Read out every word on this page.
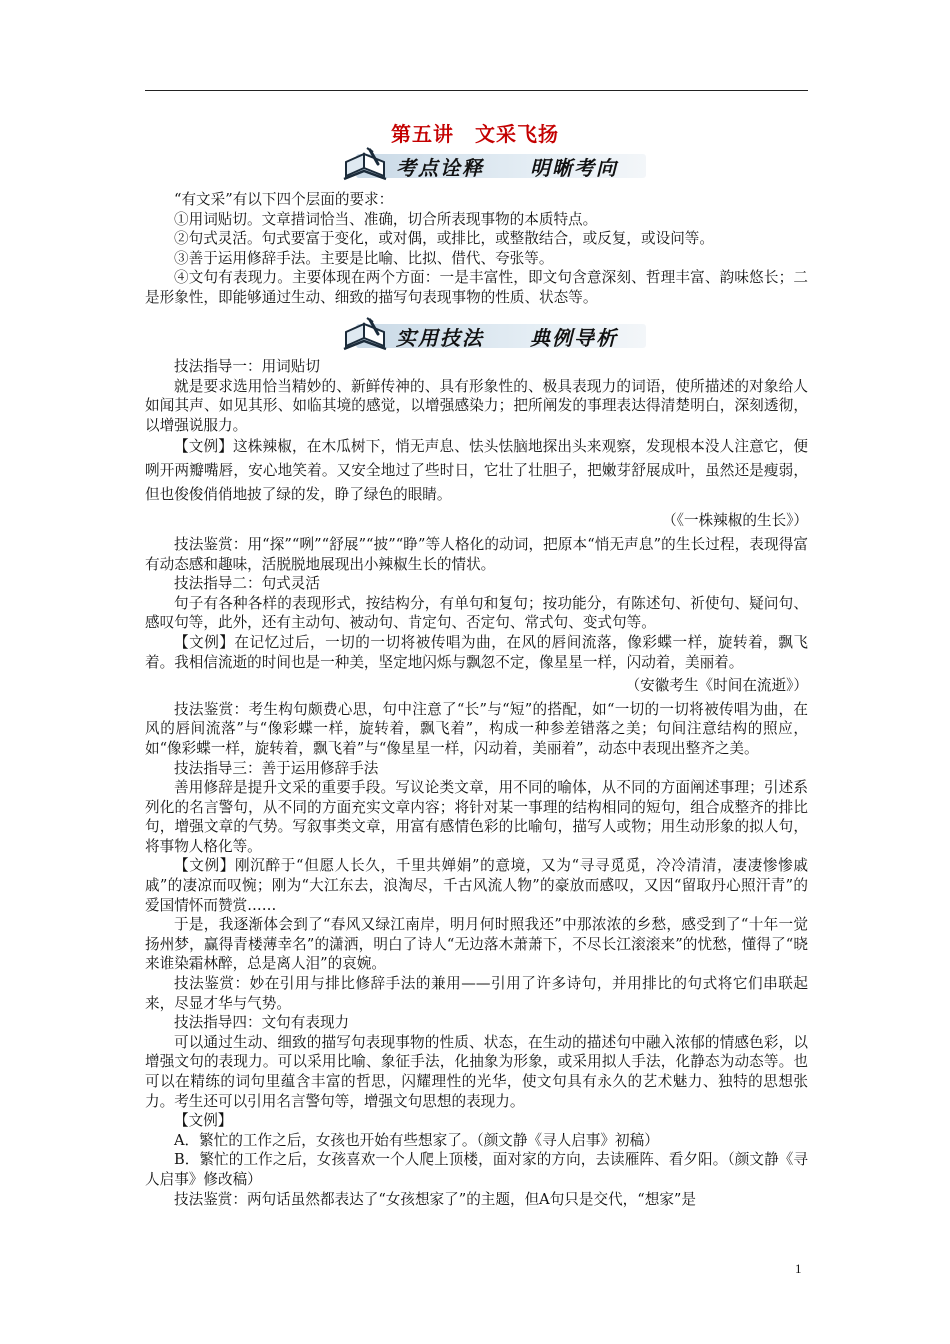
第五讲　文采飞扬
考点诠释 明晰考向

“有文采”有以下四个层面的要求：

①用词贴切。文章措词恰当、准确，切合所表现事物的本质特点。

②句式灵活。句式要富于变化，或对偶，或排比，或整散结合，或反复，或设问等。

③善于运用修辞手法。主要是比喻、比拟、借代、夸张等。

④文句有表现力。主要体现在两个方面：一是丰富性，即文句含意深刻、哲理丰富、韵味悠长；二是形象性，即能够通过生动、细致的描写句表现事物的性质、状态等。

实用技法 典例导析

技法指导一：用词贴切

就是要求选用恰当精妙的、新鲜传神的、具有形象性的、极具表现力的词语，使所描述的对象给人如闻其声、如见其形、如临其境的感觉，以增强感染力；把所阐发的事理表达得清楚明白，深刻透彻，以增强说服力。

【文例】这株辣椒，在木瓜树下，悄无声息、怯头怯脑地探出头来观察，发现根本没人注意它，便咧开两瓣嘴唇，安心地笑着。又安全地过了些时日，它壮了壮胆子，把嫩芽舒展成叶，虽然还是瘦弱，但也俊俊俏俏地披了绿的发，睁了绿色的眼睛。

（《一株辣椒的生长》）

技法鉴赏：用“探”“咧”“舒展”“披”“睁”等人格化的动词，把原本“悄无声息”的生长过程，表现得富有动态感和趣味，活脱脱地展现出小辣椒生长的情状。

技法指导二：句式灵活

句子有各种各样的表现形式，按结构分，有单句和复句；按功能分，有陈述句、祈使句、疑问句、感叹句等，此外，还有主动句、被动句、肯定句、否定句、常式句、变式句等。

【文例】在记忆过后，一切的一切将被传唱为曲，在风的唇间流落，像彩蝶一样，旋转着，飘飞着。我相信流逝的时间也是一种美，坚定地闪烁与飘忽不定，像星星一样，闪动着，美丽着。

（安徽考生《时间在流逝》）

技法鉴赏：考生构句颇费心思，句中注意了“长”与“短”的搭配，如“一切的一切将被传唱为曲，在风的唇间流落”与“像彩蝶一样，旋转着，飘飞着”，构成一种参差错落之美；句间注意结构的照应，如“像彩蝶一样，旋转着，飘飞着”与“像星星一样，闪动着，美丽着”，动态中表现出整齐之美。

技法指导三：善于运用修辞手法

善用修辞是提升文采的重要手段。写议论类文章，用不同的喻体，从不同的方面阐述事理；引述系列化的名言警句，从不同的方面充实文章内容；将针对某一事理的结构相同的短句，组合成整齐的排比句，增强文章的气势。写叙事类文章，用富有感情色彩的比喻句，描写人或物；用生动形象的拟人句，将事物人格化等。

【文例】刚沉醉于“但愿人长久，千里共婵娟”的意境，又为“寻寻觅觅，冷冷清清，凄凄惨惨戚戚”的凄凉而叹惋；刚为“大江东去，浪淘尽，千古风流人物”的豪放而感叹，又因“留取丹心照汗青”的爱国情怀而赞赏……

于是，我逐渐体会到了“春风又绿江南岸，明月何时照我还”中那浓浓的乡愁，感受到了“十年一觉扬州梦，赢得青楼薄幸名”的潇洒，明白了诗人“无边落木萧萧下，不尽长江滚滚来”的忧愁，懂得了“晓来谁染霜林醉，总是离人泪”的哀婉。

技法鉴赏：妙在引用与排比修辞手法的兼用——引用了许多诗句，并用排比的句式将它们串联起来，尽显才华与气势。

技法指导四：文句有表现力

可以通过生动、细致的描写句表现事物的性质、状态，在生动的描述句中融入浓郁的情感色彩，以增强文句的表现力。可以采用比喻、象征手法，化抽象为形象，或采用拟人手法，化静态为动态等。也可以在精练的词句里蕴含丰富的哲思，闪耀理性的光华，使文句具有永久的艺术魅力、独特的思想张力。考生还可以引用名言警句等，增强文句思想的表现力。

【文例】

A．繁忙的工作之后，女孩也开始有些想家了。（颜文静《寻人启事》初稿）

B．繁忙的工作之后，女孩喜欢一个人爬上顶楼，面对家的方向，去读雁阵、看夕阳。（颜文静《寻人启事》修改稿）

技法鉴赏：两句话虽然都表达了“女孩想家了”的主题，但A句只是交代，“想家”是

1
